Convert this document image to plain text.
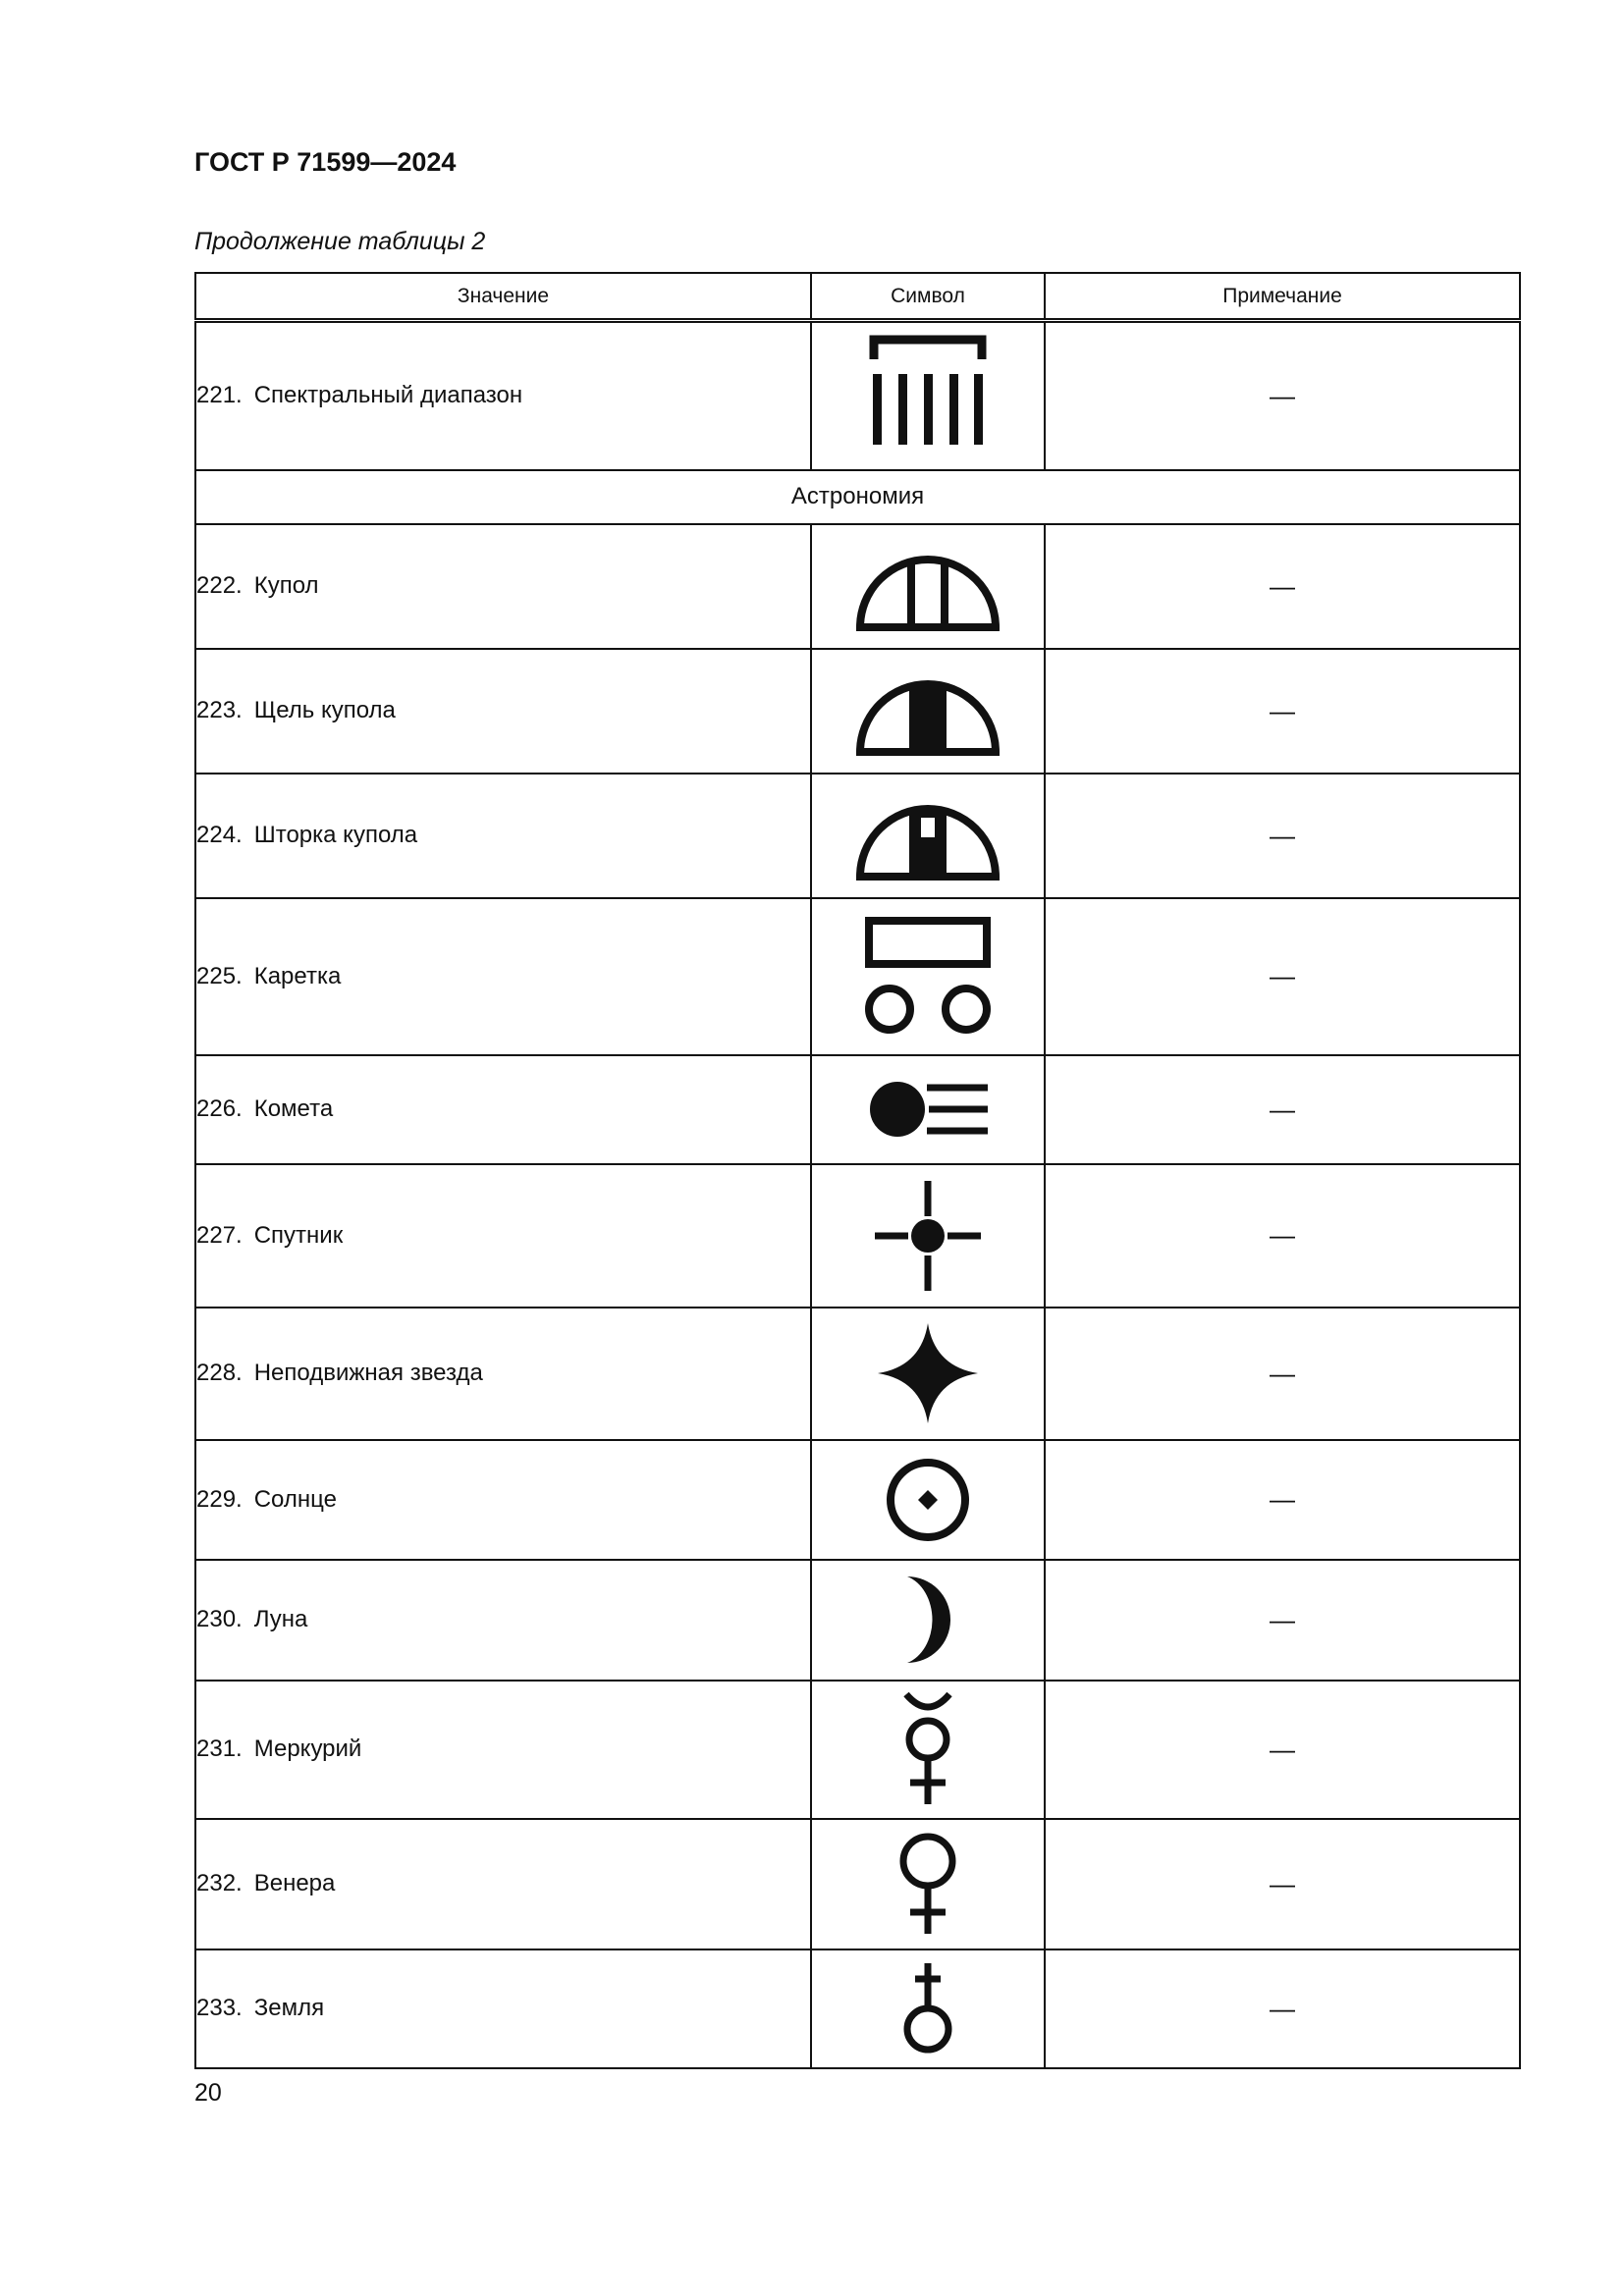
ГОСТ Р 71599—2024
Продолжение таблицы 2
Значение	Символ	Примечание
221. Спектральный диапазон		—
Астрономия		
222. Купол		—
223. Щель купола		—
224. Шторка купола		—
225. Каретка		—
226. Комета		—
227. Спутник		—
228. Неподвижная звезда		—
229. Солнце		—
230. Луна		—
231. Меркурий		—
232. Венера		—
233. Земля		—
20
